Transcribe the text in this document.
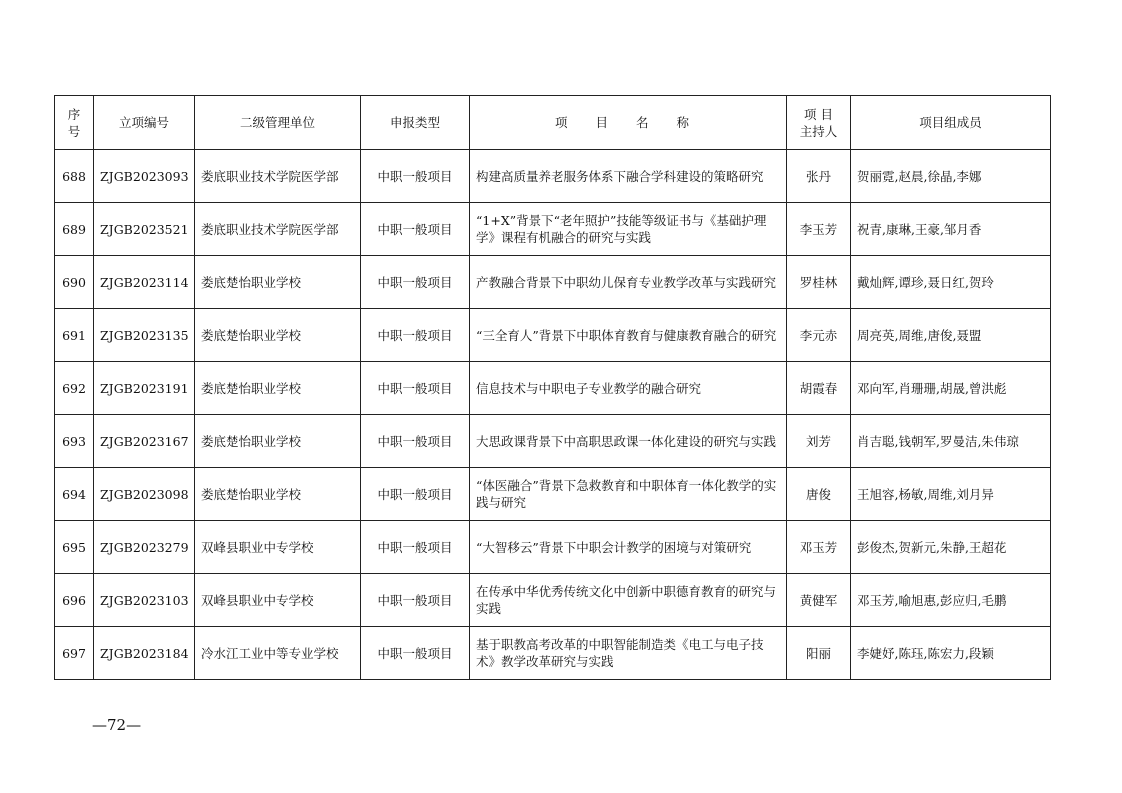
序号	立项编号	二级管理单位	申报类型	项 目 名 称	项 目 主持人	项目组成员
688	ZJGB2023093	娄底职业技术学院医学部	中职一般项目	构建高质量养老服务体系下融合学科建设的策略研究	张丹	贺丽霓,赵晨,徐晶,李娜
689	ZJGB2023521	娄底职业技术学院医学部	中职一般项目	“1+X”背景下“老年照护”技能等级证书与《基础护理学》课程有机融合的研究与实践	李玉芳	祝青,康琳,王豪,邹月香
690	ZJGB2023114	娄底楚怡职业学校	中职一般项目	产教融合背景下中职幼儿保育专业教学改革与实践研究	罗桂林	戴灿辉,谭珍,聂日红,贺玲
691	ZJGB2023135	娄底楚怡职业学校	中职一般项目	“三全育人”背景下中职体育教育与健康教育融合的研究	李元赤	周亮英,周维,唐俊,聂盟
692	ZJGB2023191	娄底楚怡职业学校	中职一般项目	信息技术与中职电子专业教学的融合研究	胡霞春	邓向军,肖珊珊,胡晟,曾洪彪
693	ZJGB2023167	娄底楚怡职业学校	中职一般项目	大思政课背景下中高职思政课一体化建设的研究与实践	刘芳	肖吉聪,钱朝军,罗曼洁,朱伟琼
694	ZJGB2023098	娄底楚怡职业学校	中职一般项目	“体医融合”背景下急救教育和中职体育一体化教学的实践与研究	唐俊	王旭容,杨敏,周维,刘月异
695	ZJGB2023279	双峰县职业中专学校	中职一般项目	“大智移云”背景下中职会计教学的困境与对策研究	邓玉芳	彭俊杰,贺新元,朱静,王超花
696	ZJGB2023103	双峰县职业中专学校	中职一般项目	在传承中华优秀传统文化中创新中职德育教育的研究与实践	黄健军	邓玉芳,喻旭惠,彭应归,毛鹏
697	ZJGB2023184	冷水江工业中等专业学校	中职一般项目	基于职教高考改革的中职智能制造类《电工与电子技术》教学改革研究与实践	阳丽	李婕妤,陈珏,陈宏力,段颖
—72—
